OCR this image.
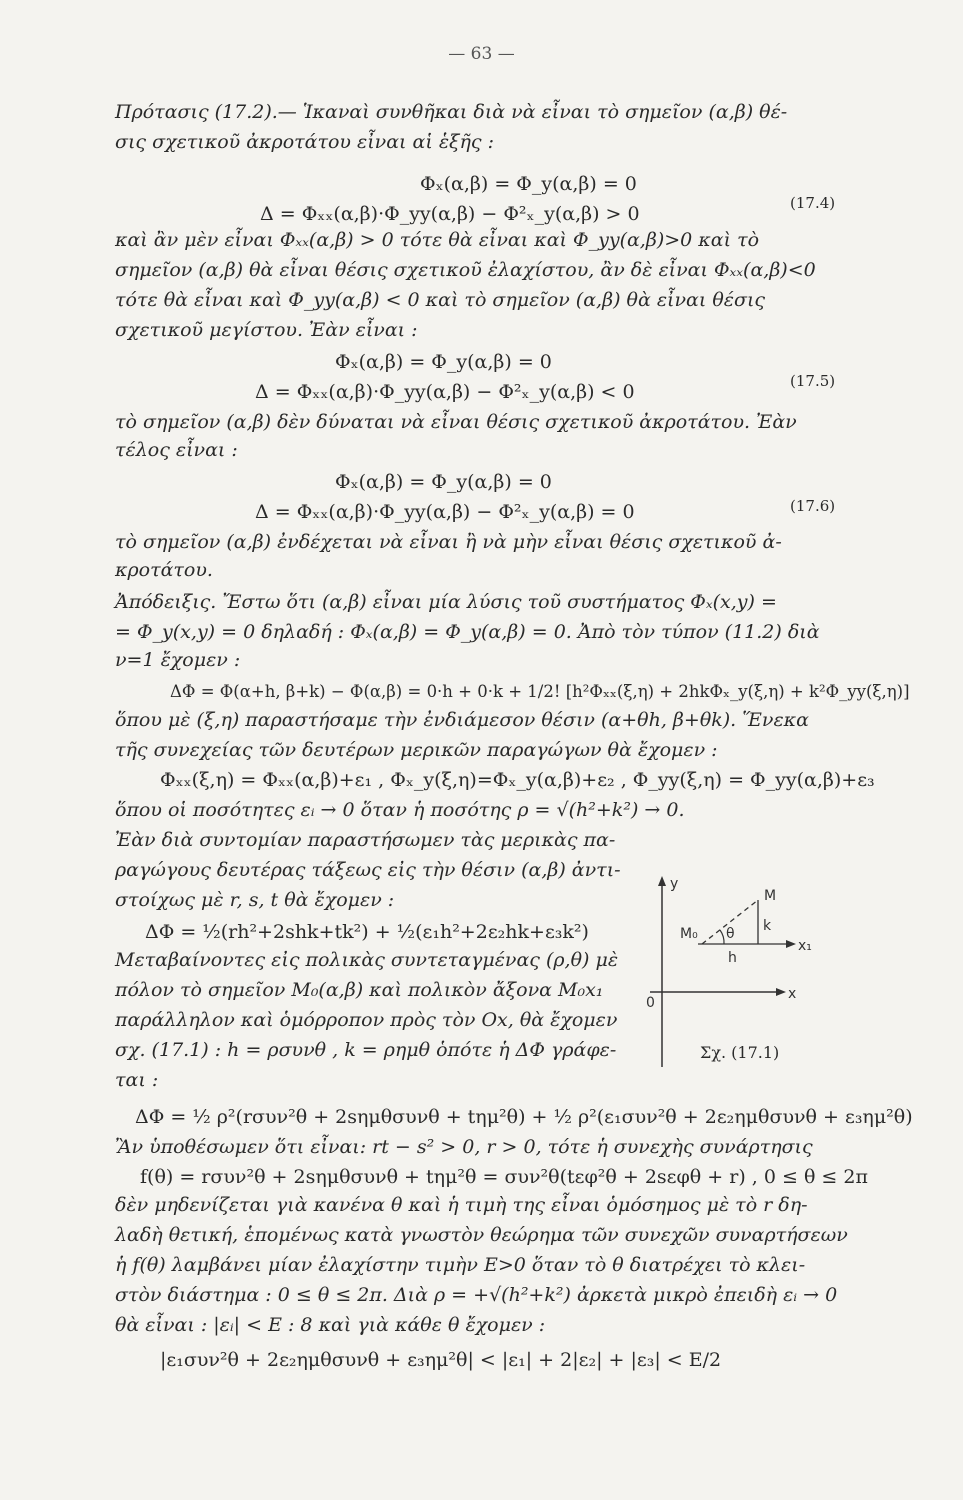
— 63 —
Πρότασις (17.2).— Ἱκαναὶ συνθῆκαι διὰ νὰ εἶναι τὸ σημεῖον (α,β) θέ-
σις σχετικοῦ ἀκροτάτου εἶναι αἱ ἑξῆς :
Φₓ(α,β) = Φ_y(α,β) = 0
Δ = Φₓₓ(α,β)·Φ_yy(α,β) − Φ²ₓ_y(α,β) > 0
καὶ ἂν μὲν εἶναι Φₓₓ(α,β) > 0 τότε θὰ εἶναι καὶ Φ_yy(α,β)>0 καὶ τὸ
σημεῖον (α,β) θὰ εἶναι θέσις σχετικοῦ ἐλαχίστου, ἂν δὲ εἶναι Φₓₓ(α,β)<0
τότε θὰ εἶναι καὶ Φ_yy(α,β) < 0 καὶ τὸ σημεῖον (α,β) θὰ εἶναι θέσις
σχετικοῦ μεγίστου. Ἐὰν εἶναι :
Φₓ(α,β) = Φ_y(α,β) = 0
Δ = Φₓₓ(α,β)·Φ_yy(α,β) − Φ²ₓ_y(α,β) < 0
τὸ σημεῖον (α,β) δὲν δύναται νὰ εἶναι θέσις σχετικοῦ ἀκροτάτου. Ἐὰν
τέλος εἶναι :
Φₓ(α,β) = Φ_y(α,β) = 0
Δ = Φₓₓ(α,β)·Φ_yy(α,β) − Φ²ₓ_y(α,β) = 0
τὸ σημεῖον (α,β) ἐνδέχεται νὰ εἶναι ἢ νὰ μὴν εἶναι θέσις σχετικοῦ ἀ-
κροτάτου.
Ἀπόδειξις. Ἔστω ὅτι (α,β) εἶναι μία λύσις τοῦ συστήματος Φₓ(x,y) =
= Φ_y(x,y) = 0 δηλαδή : Φₓ(α,β) = Φ_y(α,β) = 0. Ἀπὸ τὸν τύπον (11.2) διὰ
ν=1 ἔχομεν :
ΔΦ = Φ(α+h, β+k) − Φ(α,β) = 0·h + 0·k + 1/2! [h²Φₓₓ(ξ,η) + 2hkΦₓ_y(ξ,η) + k²Φ_yy(ξ,η)]
ὅπου μὲ (ξ,η) παραστήσαμε τὴν ἐνδιάμεσον θέσιν (α+θh, β+θk). Ἕνεκα
τῆς συνεχείας τῶν δευτέρων μερικῶν παραγώγων θὰ ἔχομεν :
Φₓₓ(ξ,η) = Φₓₓ(α,β)+ε₁ , Φₓ_y(ξ,η)=Φₓ_y(α,β)+ε₂ , Φ_yy(ξ,η) = Φ_yy(α,β)+ε₃
ὅπου οἱ ποσότητες εᵢ → 0 ὅταν ἡ ποσότης ρ = √(h²+k²) → 0.
Ἐὰν διὰ συντομίαν παραστήσωμεν τὰς μερικὰς πα-
ραγώγους δευτέρας τάξεως εἰς τὴν θέσιν (α,β) ἀντι-
στοίχως μὲ r, s, t θὰ ἔχομεν :
ΔΦ = ½(rh²+2shk+tk²) + ½(ε₁h²+2ε₂hk+ε₃k²)
Μεταβαίνοντες εἰς πολικὰς συντεταγμένας (ρ,θ) μὲ
πόλον τὸ σημεῖον M₀(α,β) καὶ πολικὸν ἄξονα M₀x₁
παράλληλον καὶ ὁμόρροπον πρὸς τὸν Ox, θὰ ἔχομεν
σχ. (17.1) : h = ρσυνθ , k = ρημθ ὁπότε ἡ ΔΦ γράφε-
ται :
ΔΦ = ½ ρ²(rσυν²θ + 2sημθσυνθ + tημ²θ) + ½ ρ²(ε₁συν²θ + 2ε₂ημθσυνθ + ε₃ημ²θ)
Ἂν ὑποθέσωμεν ὅτι εἶναι: rt − s² > 0, r > 0, τότε ἡ συνεχὴς συνάρτησις
f(θ) = rσυν²θ + 2sημθσυνθ + tημ²θ = συν²θ(tεφ²θ + 2sεφθ + r) , 0 ≤ θ ≤ 2π
δὲν μηδενίζεται γιὰ κανένα θ καὶ ἡ τιμὴ της εἶναι ὁμόσημος μὲ τὸ r δη-
λαδὴ θετική, ἑπομένως κατὰ γνωστὸν θεώρημα τῶν συνεχῶν συναρτήσεων
ἡ f(θ) λαμβάνει μίαν ἐλαχίστην τιμὴν E>0 ὅταν τὸ θ διατρέχει τὸ κλει-
στὸν διάστημα : 0 ≤ θ ≤ 2π. Διὰ ρ = +√(h²+k²) ἀρκετὰ μικρὸ ἐπειδὴ εᵢ → 0
θὰ εἶναι : |εᵢ| < E : 8 καὶ γιὰ κάθε θ ἔχομεν :
|ε₁συν²θ + 2ε₂ημθσυνθ + ε₃ημ²θ| < |ε₁| + 2|ε₂| + |ε₃| < E/2
(17.4)
(17.5)
(17.6)
y
M
M₀ θ k
x₁
h
0
x
Σχ. (17.1)
